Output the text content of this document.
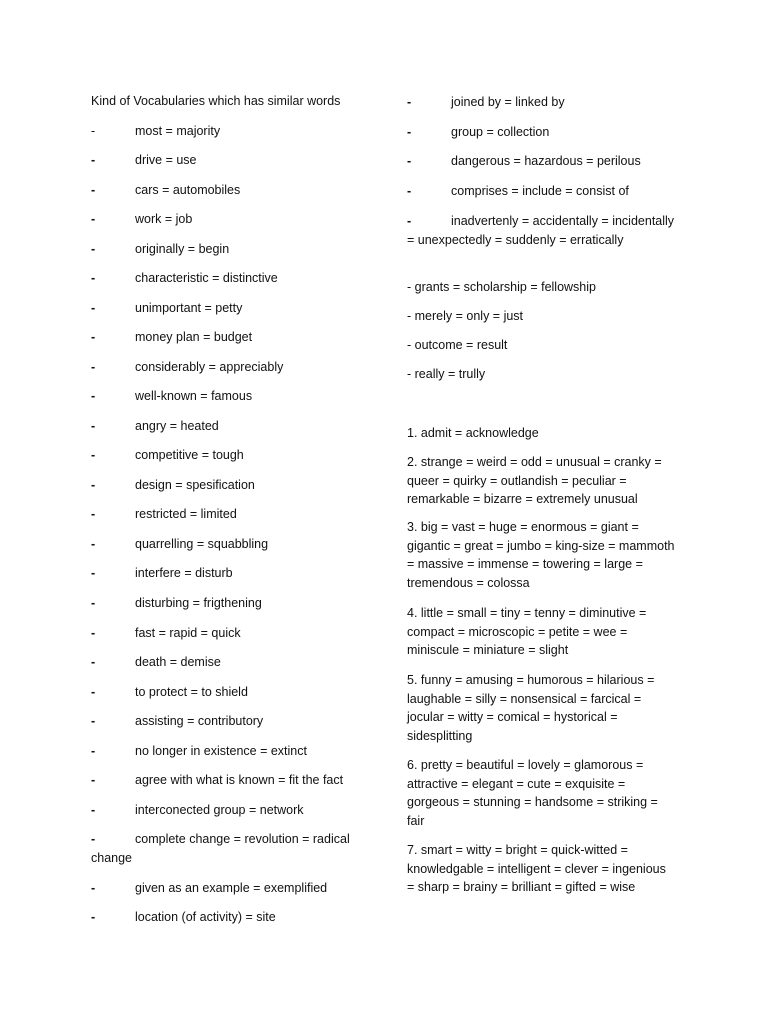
Kind of Vocabularies which has similar words
-	most = majority
-	drive = use
-	cars = automobiles
-	work = job
-	originally = begin
-	characteristic = distinctive
-	unimportant = petty
-	money plan = budget
-	considerably = appreciably
-	well-known = famous
-	angry = heated
-	competitive = tough
-	design = spesification
-	restricted = limited
-	quarrelling = squabbling
-	interfere = disturb
-	disturbing = frigthening
-	fast = rapid = quick
-	death = demise
-	to protect = to shield
-	assisting = contributory
-	no longer in existence = extinct
-	agree with what is known = fit the fact
-	interconected group = network
-	complete change = revolution = radical change
-	given as an example = exemplified
-	location (of activity) = site
-	joined by = linked by
-	group = collection
-	dangerous = hazardous = perilous
-	comprises = include = consist of
-	inadvertenly = accidentally = incidentally = unexpectedly = suddenly = erratically
- grants = scholarship = fellowship
- merely = only = just
- outcome = result
- really = trully
1. admit = acknowledge
2. strange = weird = odd = unusual = cranky = queer = quirky = outlandish = peculiar = remarkable = bizarre = extremely unusual
3. big = vast = huge = enormous = giant = gigantic = great = jumbo = king-size = mammoth = massive = immense = towering = large = tremendous = colossa
4. little = small = tiny = tenny = diminutive = compact = microscopic = petite = wee = miniscule = miniature = slight
5. funny = amusing = humorous = hilarious = laughable = silly = nonsensical = farcical = jocular = witty = comical = hystorical = sidesplitting
6. pretty = beautiful = lovely = glamorous = attractive = elegant = cute = exquisite = gorgeous = stunning = handsome = striking = fair
7. smart = witty = bright = quick-witted = knowledgable = intelligent = clever = ingenious = sharp = brainy = brilliant = gifted = wise
